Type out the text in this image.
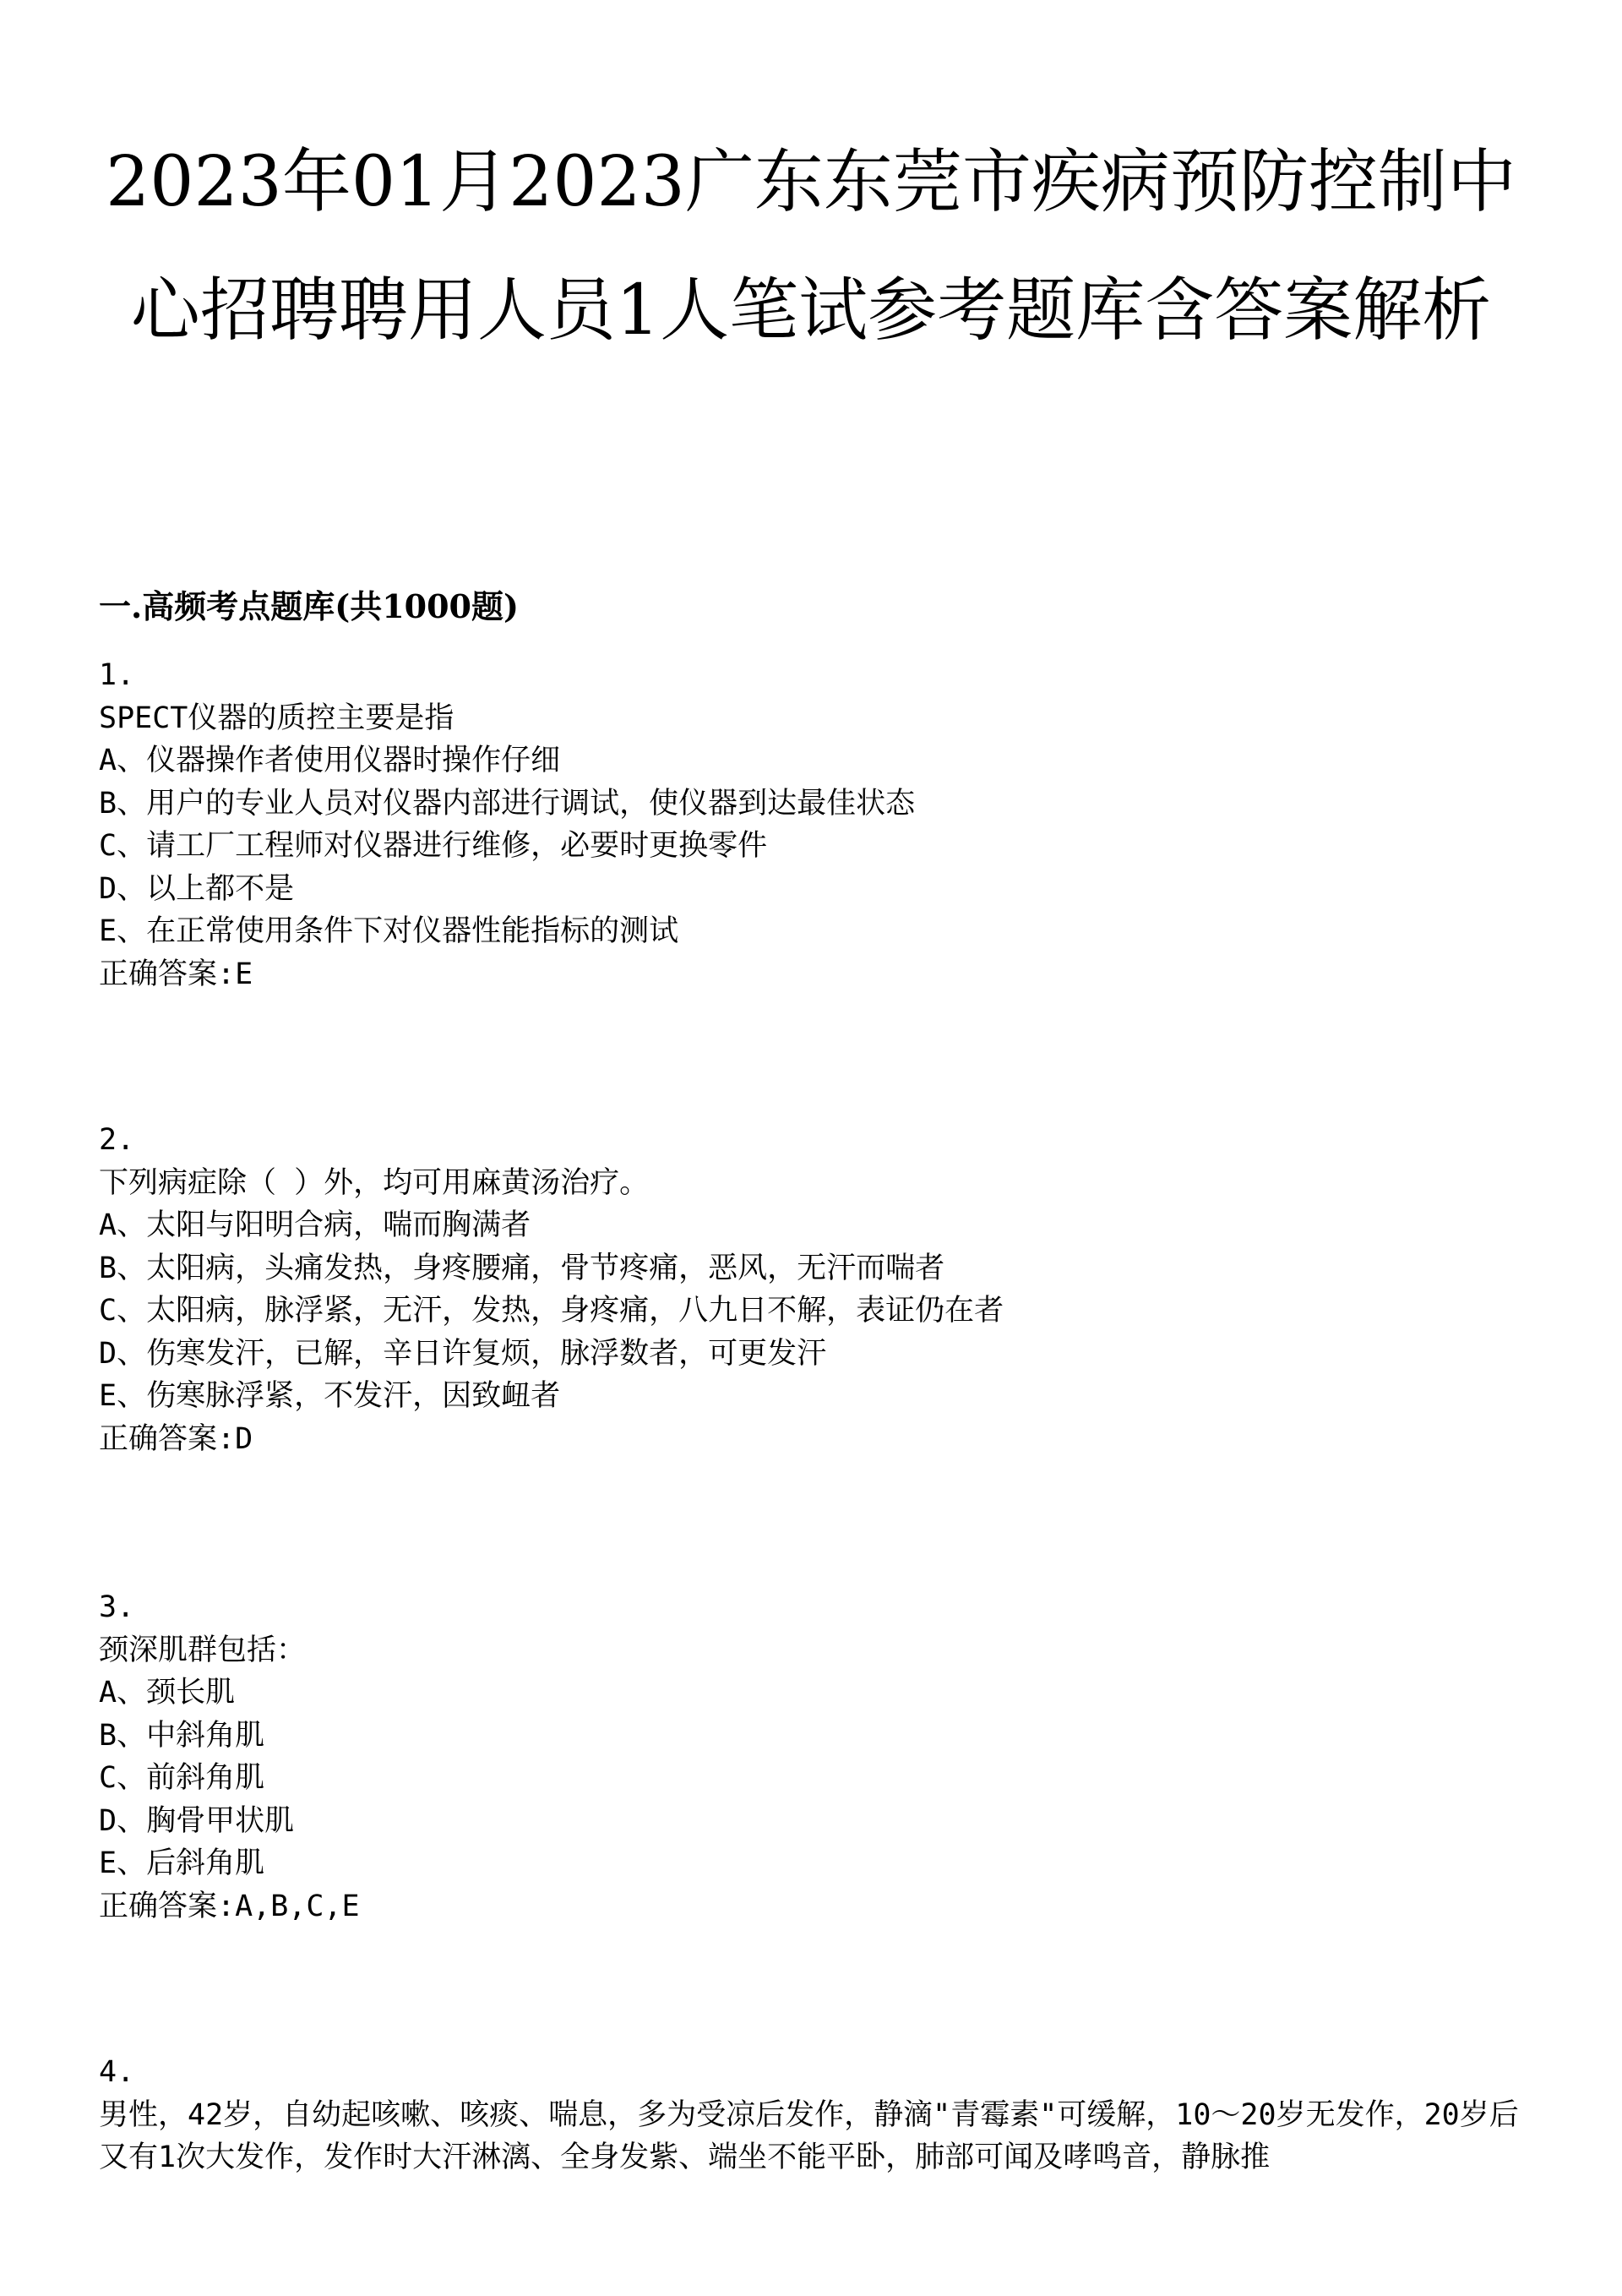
2023年01月2023广东东莞市疾病预防控制中心招聘聘用人员1人笔试参考题库含答案解析
一.高频考点题库(共1000题)
1.
SPECT仪器的质控主要是指
A、仪器操作者使用仪器时操作仔细
B、用户的专业人员对仪器内部进行调试，使仪器到达最佳状态
C、请工厂工程师对仪器进行维修，必要时更换零件
D、以上都不是
E、在正常使用条件下对仪器性能指标的测试
正确答案:E
2.
下列病症除（ ）外，均可用麻黄汤治疗。
A、太阳与阳明合病，喘而胸满者
B、太阳病，头痛发热，身疼腰痛，骨节疼痛，恶风，无汗而喘者
C、太阳病，脉浮紧，无汗，发热，身疼痛，八九日不解，表证仍在者
D、伤寒发汗，已解，辛日许复烦，脉浮数者，可更发汗
E、伤寒脉浮紧，不发汗，因致衄者
正确答案:D
3.
颈深肌群包括：
A、颈长肌
B、中斜角肌
C、前斜角肌
D、胸骨甲状肌
E、后斜角肌
正确答案:A,B,C,E
4.
男性，42岁，自幼起咳嗽、咳痰、喘息，多为受凉后发作，静滴"青霉素"可缓解，10～20岁无发作，20岁后又有1次大发作，发作时大汗淋漓、全身发紫、端坐不能平卧，肺部可闻及哮鸣音，静脉推
